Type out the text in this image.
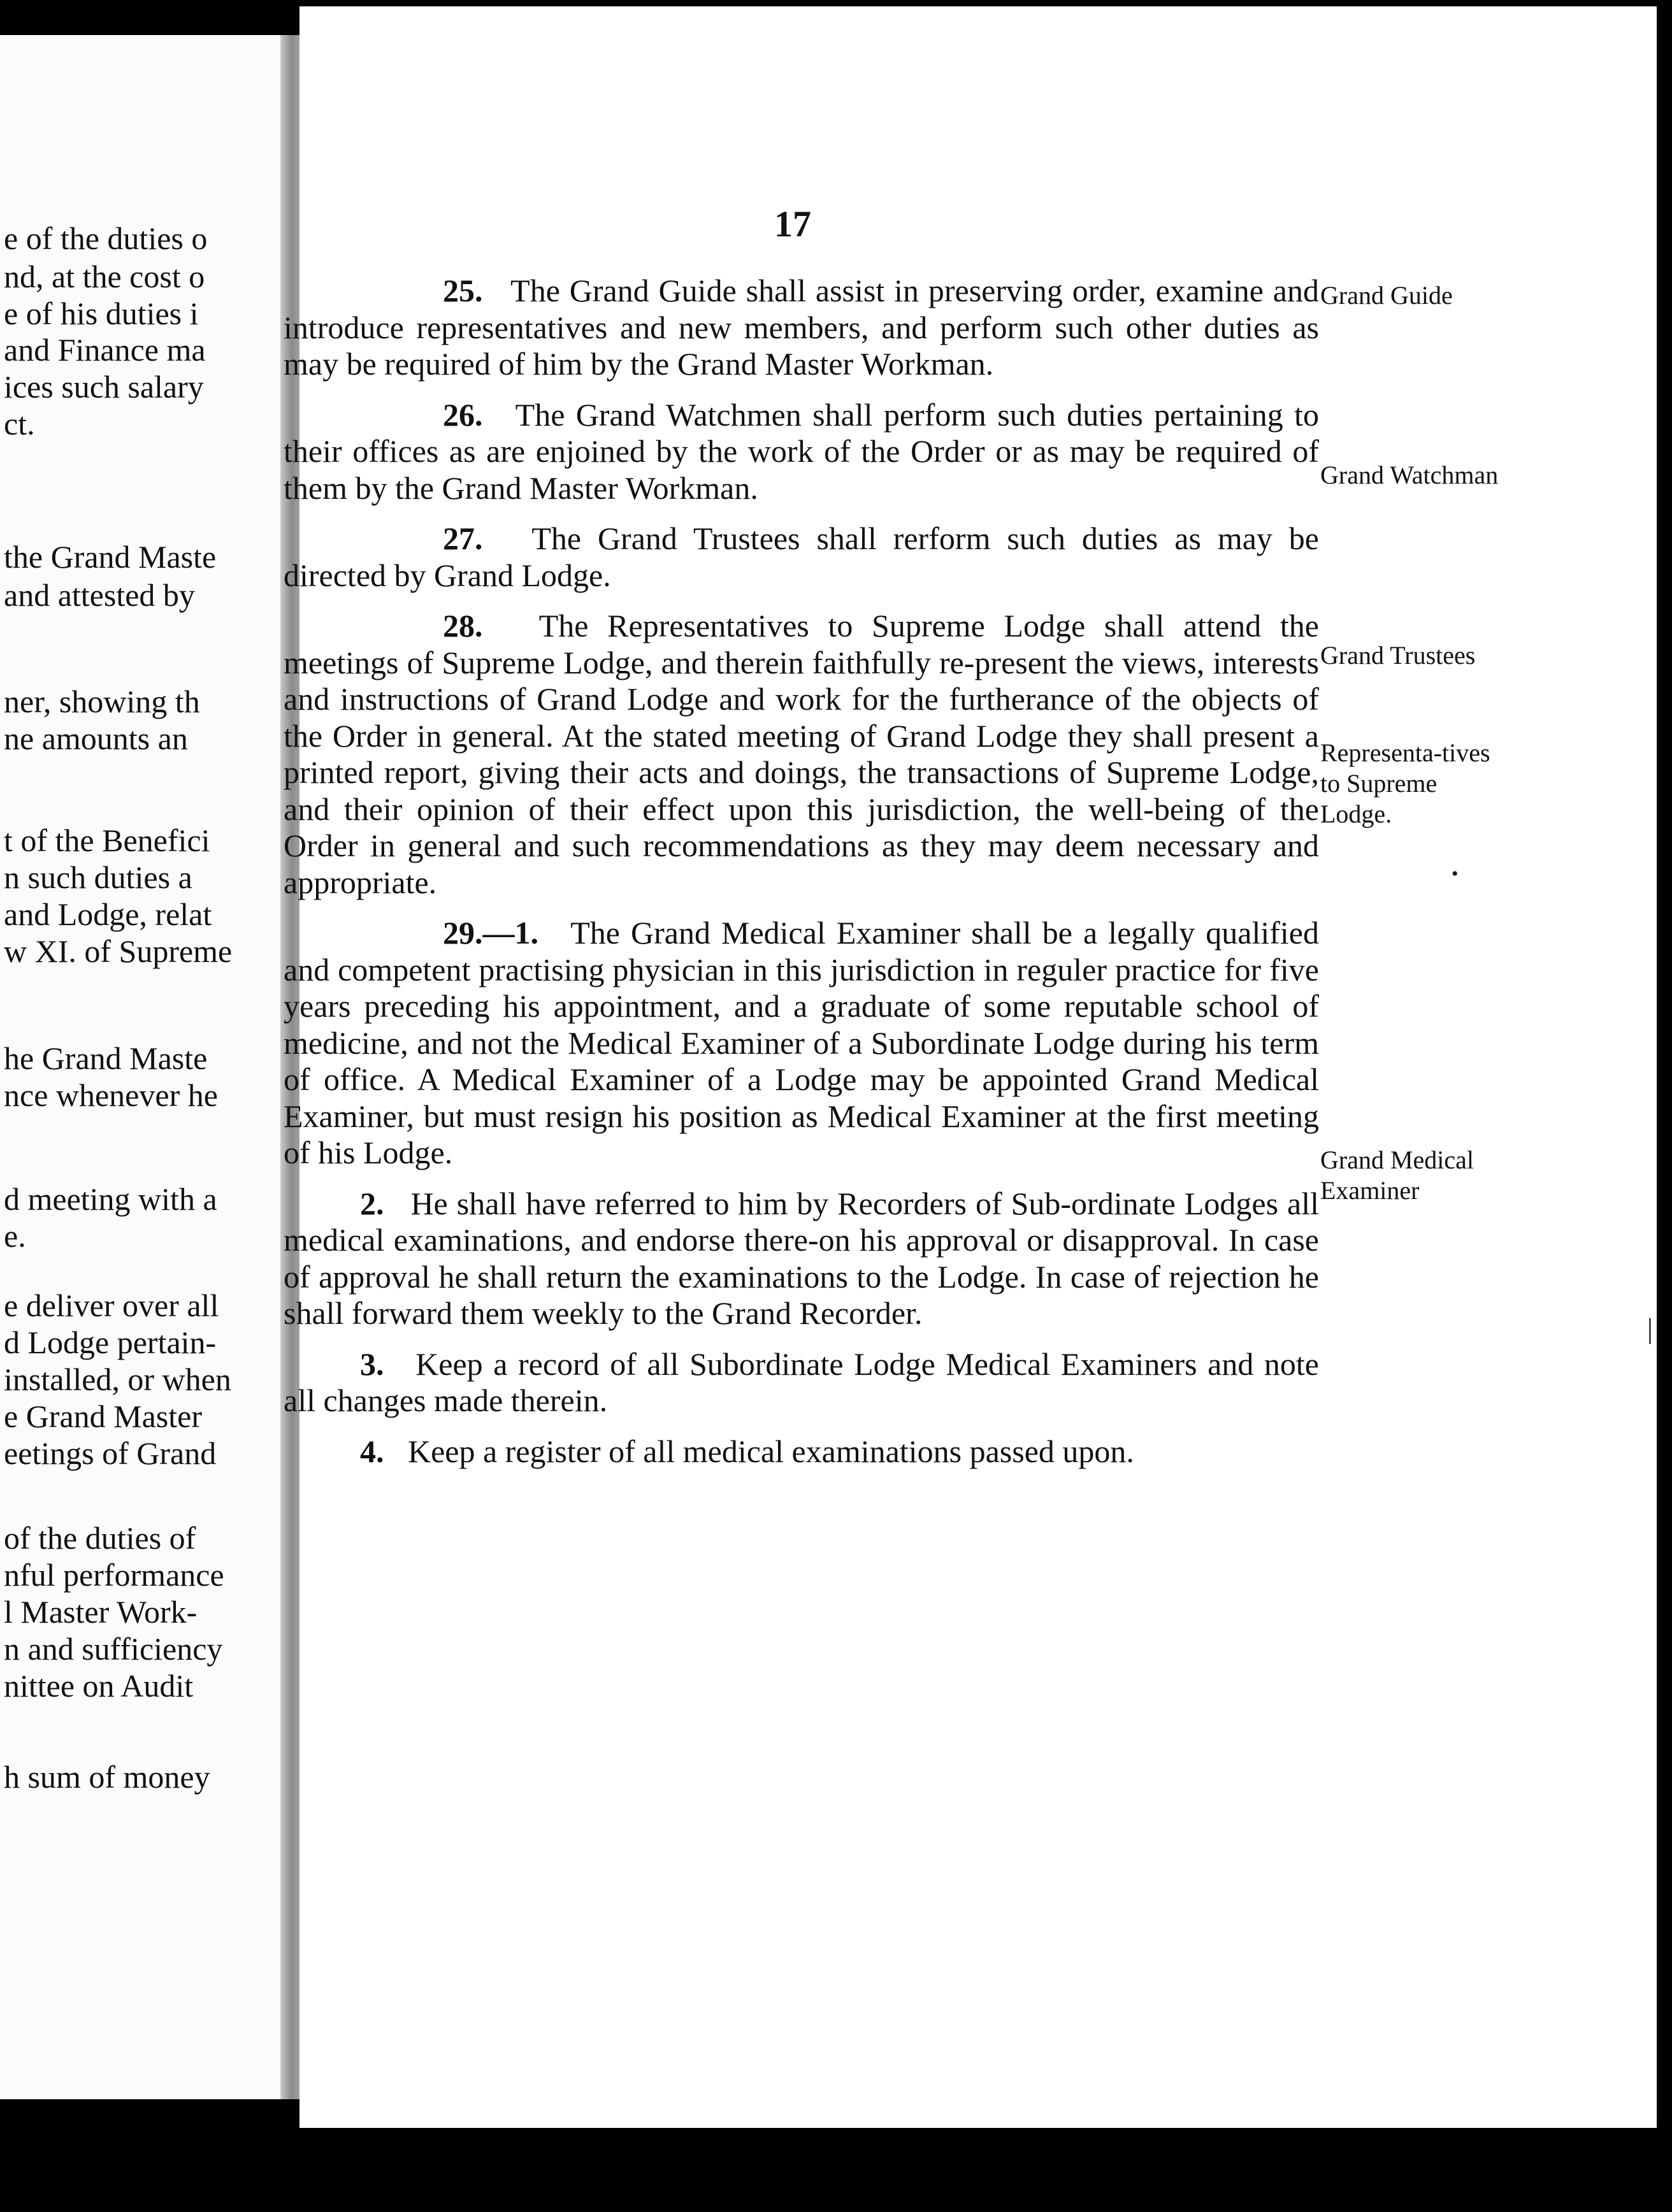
e of the duties o
nd, at the cost o
e of his duties i
and Finance ma
ices such salary
ct.
the Grand Maste
and attested by
ner, showing th
ne amounts an
t of the Benefici
n such duties a
and Lodge, relat
w XI. of Supreme
he Grand Maste
nce whenever he
d meeting with a
e.
e deliver over all
d Lodge pertain-
installed, or when
e Grand Master
eetings of Grand
of the duties of
nful performance
l Master Work-
n and sufficiency
nittee on Audit
h sum of money
17

25.   The Grand Guide shall assist in preserving order, examine and introduce representatives and new members, and perform such other duties as may be required of him by the Grand Master Workman.

26.   The Grand Watchmen shall perform such duties pertaining to their offices as are enjoined by the work of the Order or as may be required of them by the Grand Master Workman.

27.   The Grand Trustees shall rerform such duties as may be directed by Grand Lodge.

28.   The Representatives to Supreme Lodge shall attend the meetings of Supreme Lodge, and therein faithfully re-present the views, interests and instructions of Grand Lodge and work for the furtherance of the objects of the Order in general. At the stated meeting of Grand Lodge they shall present a printed report, giving their acts and doings, the transactions of Supreme Lodge, and their opinion of their effect upon this jurisdiction, the well-being of the Order in general and such recommendations as they may deem necessary and appropriate.

29.—1.   The Grand Medical Examiner shall be a legally qualified and competent practising physician in this jurisdiction in reguler practice for five years preceding his appointment, and a graduate of some reputable school of medicine, and not the Medical Examiner of a Subordinate Lodge during his term of office. A Medical Examiner of a Lodge may be appointed Grand Medical Examiner, but must resign his position as Medical Examiner at the first meeting of his Lodge.

2.   He shall have referred to him by Recorders of Sub-ordinate Lodges all medical examinations, and endorse there-on his approval or disapproval. In case of approval he shall return the examinations to the Lodge. In case of rejection he shall forward them weekly to the Grand Recorder.

3.   Keep a record of all Subordinate Lodge Medical Examiners and note all changes made therein.

4.   Keep a register of all medical examinations passed upon.

Grand Guide
Grand Watchman
Grand Trustees
Representa-tives to Supreme Lodge.
Grand Medical Examiner
•
|
